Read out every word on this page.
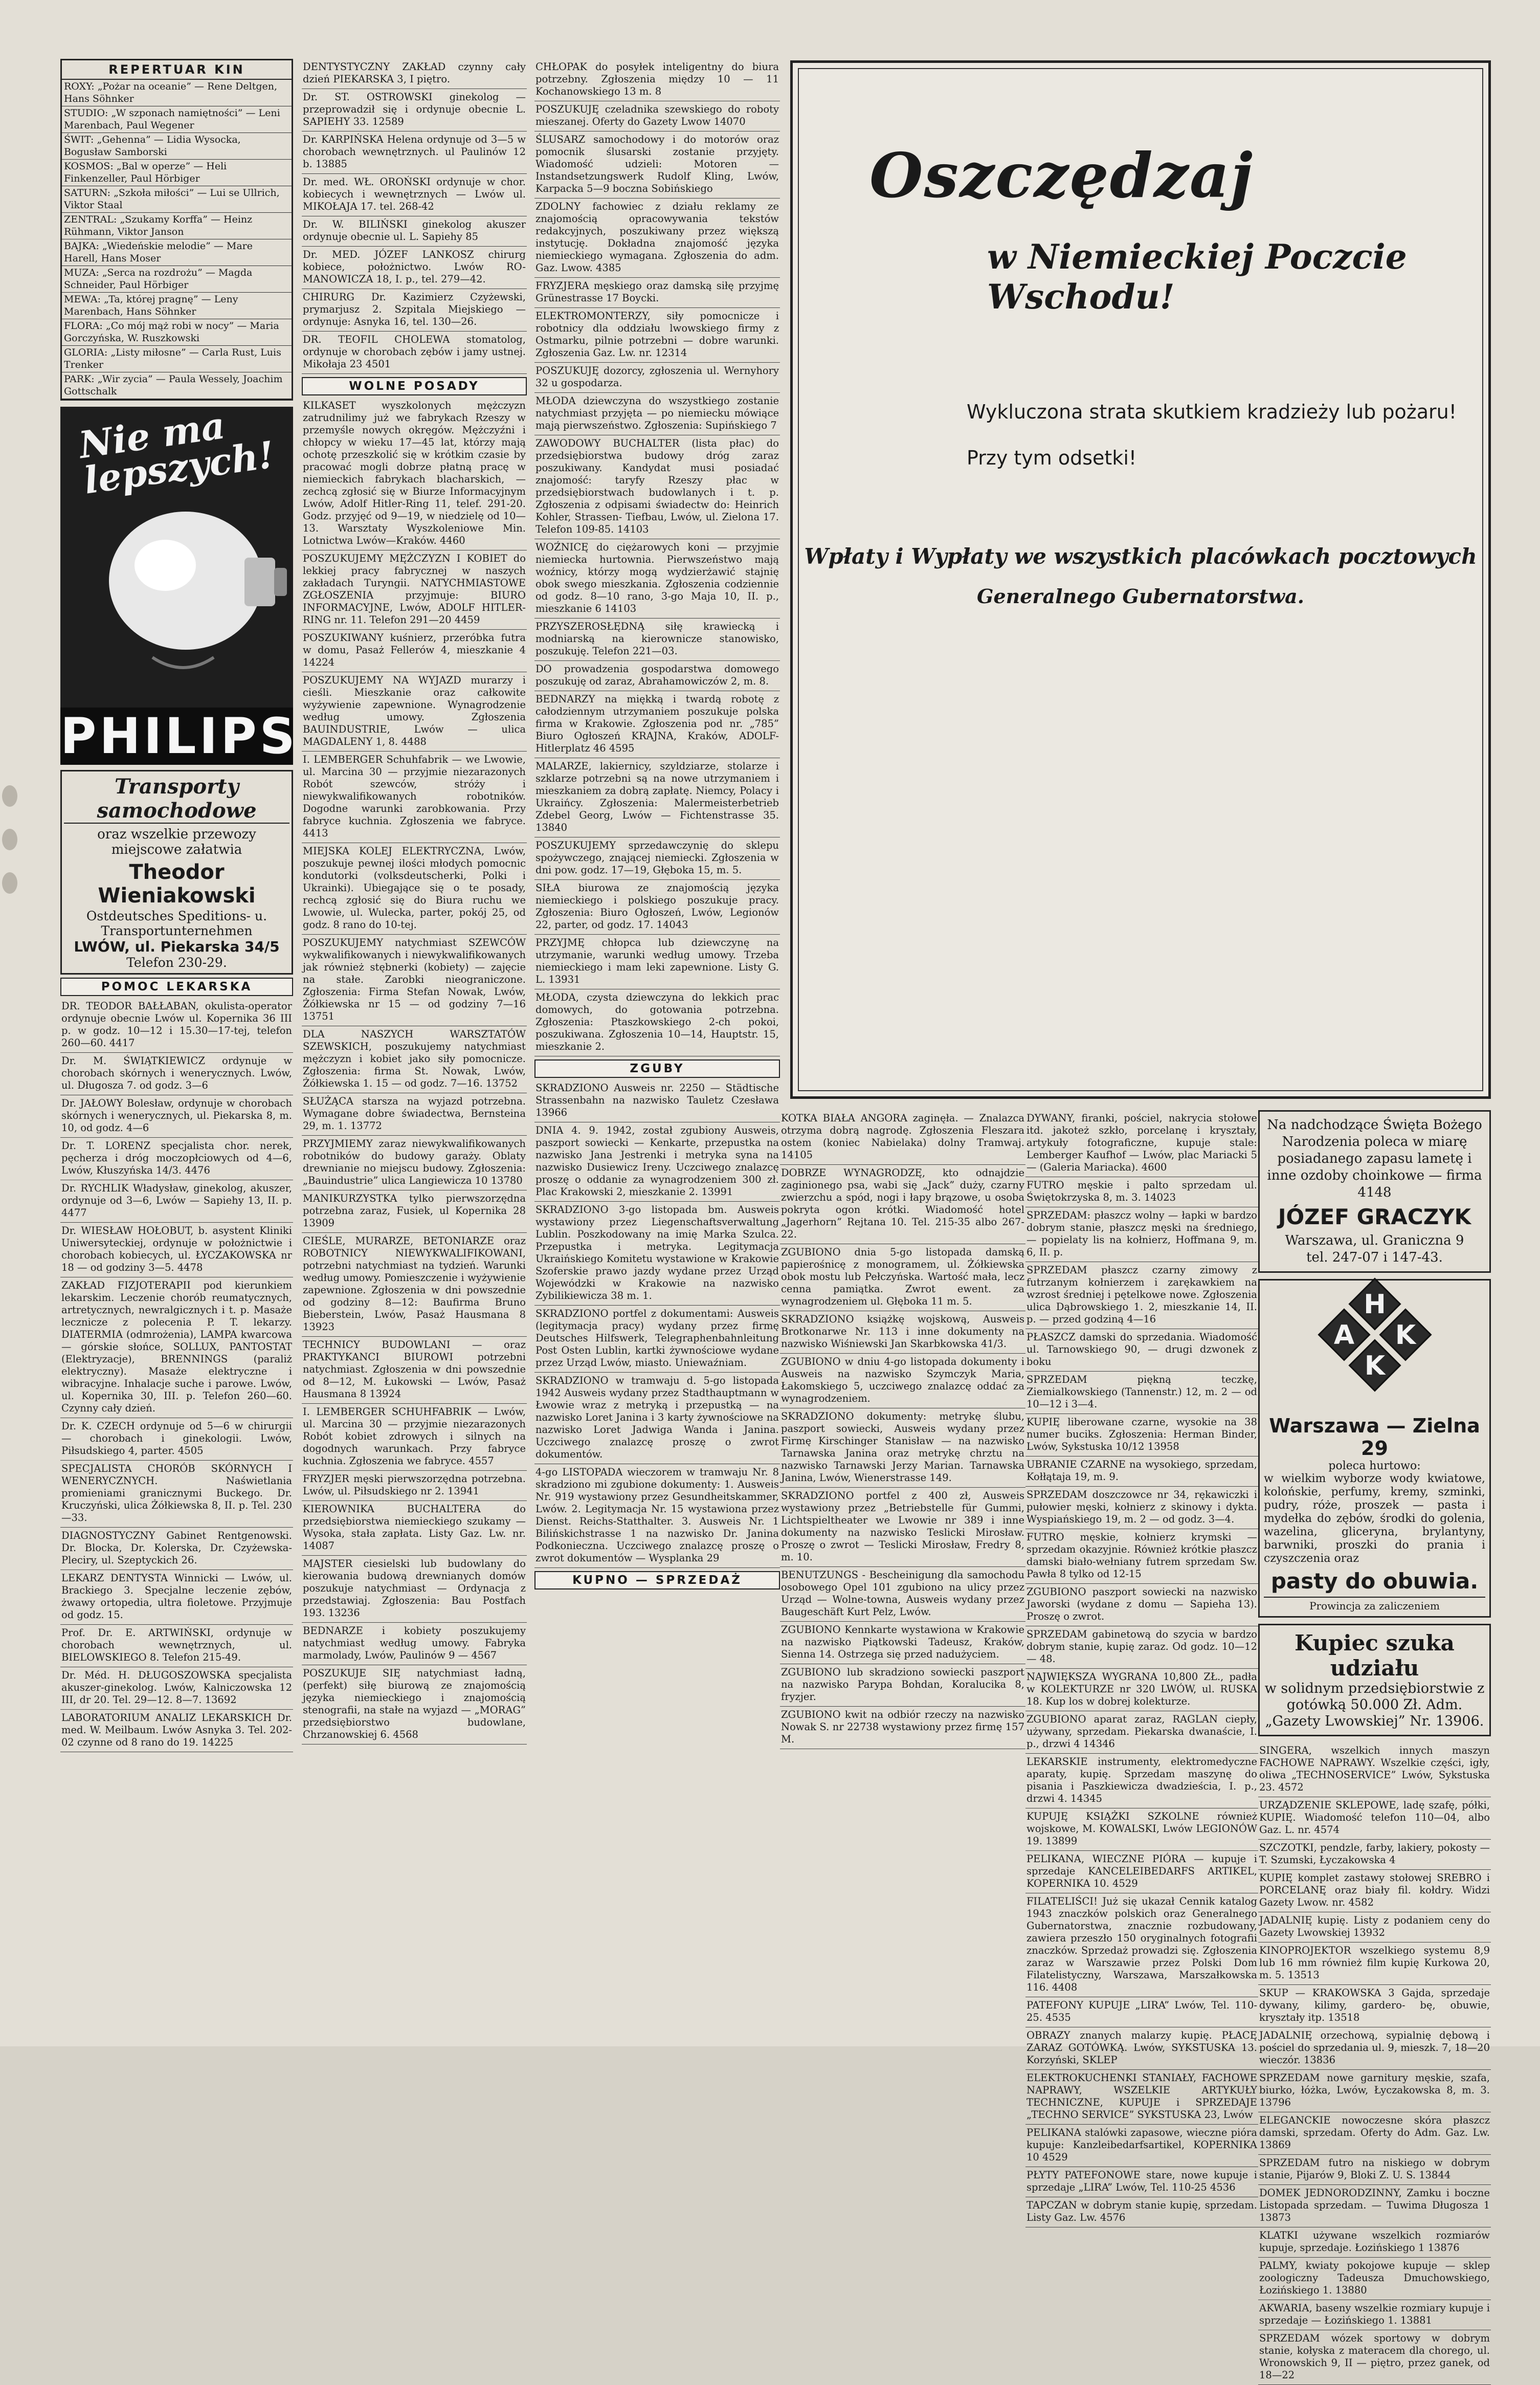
REPERTUAR KIN
ROXY: „Pożar na oceanie” — Rene Deltgen, Hans Söhnker
STUDIO: „W szponach namiętności” — Leni Marenbach, Paul Wegener
ŚWIT: „Gehenna” — Lidia Wysocka, Bogusław Samborski
KOSMOS: „Bal w operze” — Heli Finkenzeller, Paul Hörbiger
SATURN: „Szkoła miłości” — Lui se Ullrich, Viktor Staal
ZENTRAL: „Szukamy Korffa” — Heinz Rühmann, Viktor Janson
BAJKA: „Wiedeńskie melodie” — Mare Harell, Hans Moser
MUZA: „Serca na rozdrożu” — Magda Schneider, Paul Hörbiger
MEWA: „Ta, której pragnę” — Leny Marenbach, Hans Söhnker
FLORA: „Co mój mąż robi w nocy” — Maria Gorczyńska, W. Ruszkowski
GLORIA: „Listy miłosne” — Carla Rust, Luis Trenker
PARK: „Wir zycia” — Paula Wessely, Joachim Gottschalk
Nie ma lepszych!
PHILIPS
Transporty samochodowe
oraz wszelkie przewozy miejscowe załatwia
Theodor Wieniakowski
Ostdeutsches Speditions- u. Transportunternehmen
LWÓW, ul. Piekarska 34/5
Telefon 230-29.
POMOC LEKARSKA
DR. TEODOR BAŁŁABAN, okulista-operator ordynuje obecnie Lwów ul. Kopernika 36 III p. w godz. 10—12 i 15.30—17-tej, telefon 260—60. 4417
Dr. M. ŚWIĄTKIEWICZ ordynuje w chorobach skórnych i wenerycznych. Lwów, ul. Długosza 7. od godz. 3—6
Dr. JAŁOWY Bolesław, ordynuje w chorobach skórnych i wenerycznych, ul. Piekarska 8, m. 10, od godz. 4—6
Dr. T. LORENZ specjalista chor. nerek, pęcherza i dróg moczopłciowych od 4—6, Lwów, Kłuszyńska 14/3. 4476
Dr. RYCHLIK Władysław, ginekolog, akuszer, ordynuje od 3—6, Lwów — Sapiehy 13, II. p. 4477
Dr. WIESŁAW HOŁOBUT, b. asystent Kliniki Uniwersyteckiej, ordynuje w położnictwie i chorobach kobiecych, ul. ŁYCZAKOWSKA nr 18 — od godziny 3—5. 4478
ZAKŁAD FIZJOTERAPII pod kierunkiem lekarskim. Leczenie chorób reumatycznych, artretycznych, newralgicznych i t. p. Masaże lecznicze z polecenia P. T. lekarzy. DIATERMIA (odmrożenia), LAMPA kwarcowa — górskie słońce, SOLLUX, PANTOSTAT (Elektryzacje), BRENNINGS (paraliż elektryczny). Masaże elektryczne i wibracyjne. Inhalacje suche i parowe. Lwów, ul. Kopernika 30, III. p. Telefon 260—60. Czynny cały dzień.
Dr. K. CZECH ordynuje od 5—6 w chirurgii — chorobach i ginekologii. Lwów, Piłsudskiego 4, parter. 4505
SPECJALISTA CHORÓB SKÓRNYCH I WENERYCZNYCH. Naświetlania promieniami granicznymi Buckego. Dr. Kruczyński, ulica Żółkiewska 8, II. p. Tel. 230—33.
DIAGNOSTYCZNY Gabinet Rentgenowski. Dr. Blocka, Dr. Kolerska, Dr. Czyżewska-Pleciry, ul. Szeptyckich 26.
LEKARZ DENTYSTA Winnicki — Lwów, ul. Brackiego 3. Specjalne leczenie zębów, żwawy ortopedia, ultra fioletowe. Przyjmuje od godz. 15.
Prof. Dr. E. ARTWIŃSKI, ordynuje w chorobach wewnętrznych, ul. BIELOWSKIEGO 8. Telefon 215-49.
Dr. Méd. H. DŁUGOSZOWSKA specjalista akuszer-ginekolog. Lwów, Kalniczowska 12 III, dr 20. Tel. 29—12. 8—7. 13692
LABORATORIUM ANALIZ LEKARSKICH Dr. med. W. Meilbaum. Lwów Asnyka 3. Tel. 202-02 czynne od 8 rano do 19. 14225
DENTYSTYCZNY ZAKŁAD czynny cały dzień PIEKARSKA 3, I piętro.
Dr. ST. OSTROWSKI ginekolog — przeprowadził się i ordynuje obecnie L. SAPIEHY 33. 12589
Dr. KARPIŃSKA Helena ordynuje od 3—5 w chorobach wewnętrznych. ul Paulinów 12 b. 13885
Dr. med. WŁ. OROŃSKI ordynuje w chor. kobiecych i wewnętrznych — Lwów ul. MIKOŁAJA 17. tel. 268-42
Dr. W. BILIŃSKI ginekolog akuszer ordynuje obecnie ul. L. Sapiehy 85
Dr. MED. JÓZEF LANKOSZ chirurg kobiece, położnictwo. Lwów RO-MANOWICZA 18, I. p., tel. 279—42.
CHIRURG Dr. Kazimierz Czyżewski, prymarjusz 2. Szpitala Miejskiego — ordynuje: Asnyka 16, tel. 130—26.
DR. TEOFIL CHOLEWA stomatolog, ordynuje w chorobach zębów i jamy ustnej. Mikołaja 23 4501
WOLNE POSADY
KILKASET wyszkolonych mężczyzn zatrudnilimy już we fabrykach Rzeszy w przemyśle nowych okręgów. Mężczyźni i chłopcy w wieku 17—45 lat, którzy mają ochotę przeszkolić się w krótkim czasie by pracować mogli dobrze płatną pracę w niemieckich fabrykach blacharskich, — zechcą zgłosić się w Biurze Informacyjnym Lwów, Adolf Hitler-Ring 11, telef. 291-20. Godz. przyjęć od 9—19, w niedzielę od 10—13. Warsztaty Wyszkoleniowe Min. Lotnictwa Lwów—Kraków. 4460
POSZUKUJEMY MĘŻCZYZN I KOBIET do lekkiej pracy fabrycznej w naszych zakładach Turyngii. NATYCHMIASTOWE ZGŁOSZENIA przyjmuje: BIURO INFORMACYJNE, Lwów, ADOLF HITLER-RING nr. 11. Telefon 291—20 4459
POSZUKIWANY kuśnierz, przeróbka futra w domu, Pasaż Fellerów 4, mieszkanie 4 14224
POSZUKUJEMY NA WYJAZD murarzy i cieśli. Mieszkanie oraz całkowite wyżywienie zapewnione. Wynagrodzenie według umowy. Zgłoszenia BAUINDUSTRIE, Lwów — ulica MAGDALENY 1, 8. 4488
I. LEMBERGER Schuhfabrik — we Lwowie, ul. Marcina 30 — przyjmie niezarazonych Robót szewców, stróży i niewykwalifikowanych robotników. Dogodne warunki zarobkowania. Przy fabryce kuchnia. Zgłoszenia we fabryce. 4413
MIEJSKA KOLEJ ELEKTRYCZNA, Lwów, poszukuje pewnej ilości młodych pomocnic kondutorki (volksdeutscherki, Polki i Ukrainki). Ubiegające się o te posady, rechcą zgłosić się do Biura ruchu we Lwowie, ul. Wulecka, parter, pokój 25, od godz. 8 rano do 10-tej.
POSZUKUJEMY natychmiast SZEWCÓW wykwalifikowanych i niewykwalifikowanych jak również stębnerki (kobiety) — zajęcie na stałe. Zarobki nieograniczone. Zgłoszenia: Firma Stefan Nowak, Lwów, Żółkiewska nr 15 — od godziny 7—16 13751
DLA NASZYCH WARSZTATÓW SZEWSKICH, poszukujemy natychmiast mężczyzn i kobiet jako siły pomocnicze. Zgłoszenia: firma St. Nowak, Lwów, Żółkiewska 1. 15 — od godz. 7—16. 13752
SŁUŻĄCA starsza na wyjazd potrzebna. Wymagane dobre świadectwa, Bernsteina 29, m. 1. 13772
PRZYJMIEMY zaraz niewykwalifikowanych robotników do budowy garaży. Oblaty drewnianie no miejscu budowy. Zgłoszenia: „Bauindustrie” ulica Langiewicza 10 13780
MANIKURZYSTKA tylko pierwszorzędna potrzebna zaraz, Fusiek, ul Kopernika 28 13909
CIEŚLE, MURARZE, BETONIARZE oraz ROBOTNICY NIEWYKWALIFIKOWANI, potrzebni natychmiast na tydzień. Warunki według umowy. Pomieszczenie i wyżywienie zapewnione. Zgłoszenia w dni powszednie od godziny 8—12: Baufirma Bruno Bieberstein, Lwów, Pasaż Hausmana 8 13923
TECHNICY BUDOWLANI — oraz PRAKTYKANCI BIUROWI potrzebni natychmiast. Zgłoszenia w dni powszednie od 8—12, M. Łukowski — Lwów, Pasaż Hausmana 8 13924
I. LEMBERGER SCHUHFABRIK — Lwów, ul. Marcina 30 — przyjmie niezarazonych Robót kobiet zdrowych i silnych na dogodnych warunkach. Przy fabryce kuchnia. Zgłoszenia we fabryce. 4557
FRYZJER męski pierwszorzędna potrzebna. Lwów, ul. Piłsudskiego nr 2. 13941
KIEROWNIKA BUCHALTERA do przedsiębiorstwa niemieckiego szukamy — Wysoka, stała zapłata. Listy Gaz. Lw. nr. 14087
MAJSTER ciesielski lub budowlany do kierowania budową drewnianych domów poszukuje natychmiast — Ordynacja z przedstawiaj. Zgłoszenia: Bau Postfach 193. 13236
BEDNARZE i kobiety poszukujemy natychmiast według umowy. Fabryka marmolady, Lwów, Paulinów 9 — 4567
POSZUKUJE SIĘ natychmiast ładną, (perfekt) siłę biurową ze znajomością języka niemieckiego i znajomością stenografii, na stałe na wyjazd — „MORAG” przedsiębiorstwo budowlane, Chrzanowskiej 6. 4568
CHŁOPAK do posyłek inteligentny do biura potrzebny. Zgłoszenia między 10 — 11 Kochanowskiego 13 m. 8
POSZUKUJĘ czeladnika szewskiego do roboty mieszanej. Oferty do Gazety Lwow 14070
ŚLUSARZ samochodowy i do motorów oraz pomocnik ślusarski zostanie przyjęty. Wiadomość udzieli: Motoren — Instandsetzungswerk Rudolf Kling, Lwów, Karpacka 5—9 boczna Sobińskiego
ZDOLNY fachowiec z działu reklamy ze znajomością opracowywania tekstów redakcyjnych, poszukiwany przez większą instytucję. Dokładna znajomość języka niemieckiego wymagana. Zgłoszenia do adm. Gaz. Lwow. 4385
FRYZJERA męskiego oraz damską siłę przyjmę Grünestrasse 17 Boycki.
ELEKTROMONTERZY, siły pomocnicze i robotnicy dla oddziału lwowskiego firmy z Ostmarku, pilnie potrzebni — dobre warunki. Zgłoszenia Gaz. Lw. nr. 12314
POSZUKUJĘ dozorcy, zgłoszenia ul. Wernyhory 32 u gospodarza.
MŁODA dziewczyna do wszystkiego zostanie natychmiast przyjęta — po niemiecku mówiące mają pierwszeństwo. Zgłoszenia: Supińskiego 7
ZAWODOWY BUCHALTER (lista płac) do przedsiębiorstwa budowy dróg zaraz poszukiwany. Kandydat musi posiadać znajomość: taryfy Rzeszy płac w przedsiębiorstwach budowlanych i t. p. Zgłoszenia z odpisami świadectw do: Heinrich Kohler, Strassen- Tiefbau, Lwów, ul. Zielona 17. Telefon 109-85. 14103
WOŹNICĘ do ciężarowych koni — przyjmie niemiecka hurtownia. Pierwszeństwo mają woźnicy, którzy mogą wydzierżawić stajnię obok swego mieszkania. Zgłoszenia codziennie od godz. 8—10 rano, 3-go Maja 10, II. p., mieszkanie 6 14103
PRZYSZEROSŁĘDNĄ siłę krawiecką i modniarską na kierownicze stanowisko, poszukuję. Telefon 221—03.
DO prowadzenia gospodarstwa domowego poszukuję od zaraz, Abrahamowiczów 2, m. 8.
BEDNARZY na miękką i twardą robotę z całodziennym utrzymaniem poszukuje polska firma w Krakowie. Zgłoszenia pod nr. „785” Biuro Ogłoszeń KRAJNA, Kraków, ADOLF-Hitlerplatz 46 4595
MALARZE, lakiernicy, szyldziarze, stolarze i szklarze potrzebni są na nowe utrzymaniem i mieszkaniem za dobrą zapłatę. Niemcy, Polacy i Ukraińcy. Zgłoszenia: Malermeisterbetrieb Zdebel Georg, Lwów — Fichtenstrasse 35. 13840
POSZUKUJEMY sprzedawczynię do sklepu spożywczego, znającej niemiecki. Zgłoszenia w dni pow. godz. 17—19, Głęboka 15, m. 5.
SIŁA biurowa ze znajomością języka niemieckiego i polskiego poszukuje pracy. Zgłoszenia: Biuro Ogłoszeń, Lwów, Legionów 22, parter, od godz. 17. 14043
PRZYJMĘ chłopca lub dziewczynę na utrzymanie, warunki według umowy. Trzeba niemieckiego i mam leki zapewnione. Listy G. L. 13931
MŁODA, czysta dziewczyna do lekkich prac domowych, do gotowania potrzebna. Zgłoszenia: Ptaszkowskiego 2-ch pokoi, poszukiwana. Zgłoszenia 10—14, Hauptstr. 15, mieszkanie 2.
ZGUBY
SKRADZIONO Ausweis nr. 2250 — Städtische Strassenbahn na nazwisko Tauletz Czesława 13966
DNIA 4. 9. 1942, został zgubiony Ausweis, paszport sowiecki — Kenkarte, przepustka na nazwisko Jana Jestrenki i metryka syna na nazwisko Dusiewicz Ireny. Uczciwego znalazcę proszę o oddanie za wynagrodzeniem 300 zł. Plac Krakowski 2, mieszkanie 2. 13991
SKRADZIONO 3-go listopada bm. Ausweis wystawiony przez Liegenschaftsverwaltung Lublin. Poszkodowany na imię Marka Szulca. Przepustka i metryka. Legitymacja Ukraińskiego Komitetu wystawione w Krakowie Szoferskie prawo jazdy wydane przez Urząd Wojewódzki w Krakowie na nazwisko Zybilikiewicza 38 m. 1.
SKRADZIONO portfel z dokumentami: Ausweis (legitymacja pracy) wydany przez firmę Deutsches Hilfswerk, Telegraphenbahnleitung Post Osten Lublin, kartki żywnościowe wydane przez Urząd Lwów, miasto. Uniewaźniam.
SKRADZIONO w tramwaju d. 5-go listopada 1942 Ausweis wydany przez Stadthauptmann w Łwowie wraz z metryką i przepustką — na nazwisko Loret Janina i 3 karty żywnościowe na nazwisko Loret Jadwiga Wanda i Janina. Uczciwego znalazcę proszę o zwrot dokumentów.
4-go LISTOPADA wieczorem w tramwaju Nr. 8 skradziono mi zgubione dokumenty: 1. Ausweis Nr. 919 wystawiony przez Gesundheitskammer, Lwów. 2. Legitymacja Nr. 15 wystawiona przez Dienst. Reichs-Statthalter. 3. Ausweis Nr. 1 Bilińskichstrasse 1 na nazwisko Dr. Janina Podkonieczna. Uczciwego znalazcę proszę o zwrot dokumentów — Wysplanka 29
KUPNO — SPRZEDAŻ
Oszczędzaj
w Niemieckiej Poczcie Wschodu!
Wykluczona strata skutkiem kradzieży lub pożaru!
Przy tym odsetki!
Wpłaty i Wypłaty we wszystkich placówkach pocztowych
Generalnego Gubernatorstwa.
KOTKA BIAŁA ANGORA zaginęła. — Znalazca otrzyma dobrą nagrodę. Zgłoszenia Fleszara ostem (koniec Nabielaka) dolny Tramwaj. 14105
DOBRZE WYNAGRODZĘ, kto odnajdzie zaginionego psa, wabi się „Jack” duży, czarny zwierzchu a spód, nogi i łapy brązowe, u osoba pokryta ogon krótki. Wiadomość hotel „Jagerhorn” Rejtana 10. Tel. 215-35 albo 267-22.
ZGUBIONO dnia 5-go listopada damską papierośnicę z monogramem, ul. Żółkiewska obok mostu lub Pełczyńska. Wartość mała, lecz cenna pamiątka. Zwrot ewent. za wynagrodzeniem ul. Głęboka 11 m. 5.
SKRADZIONO książkę wojskową, Ausweis Brotkonarwe Nr. 113 i inne dokumenty na nazwisko Wiśniewski Jan Skarbkowska 41/3.
ZGUBIONO w dniu 4-go listopada dokumenty i Ausweis na nazwisko Szymczyk Maria, Łakomskiego 5, uczciwego znalazcę oddać za wynagrodzeniem.
SKRADZIONO dokumenty: metrykę ślubu, paszport sowiecki, Ausweis wydany przez Firmę Kirschinger Stanisław — na nazwisko Tarnawska Janina oraz metrykę chrztu na nazwisko Tarnawski Jerzy Marian. Tarnawska Janina, Lwów, Wienerstrasse 149.
SKRADZIONO portfel z 400 zł, Ausweis wystawiony przez „Betriebstelle für Gummi, Lichtspieltheater we Lwowie nr 389 i inne dokumenty na nazwisko Teslicki Mirosław. Proszę o zwrot — Teslicki Mirosław, Fredry 8, m. 10.
BENUTZUNGS - Bescheinigung dla samochodu osobowego Opel 101 zgubiono na ulicy przez Urząd — Wolne-towna, Ausweis wydany przez Baugeschäft Kurt Pelz, Lwów.
ZGUBIONO Kennkarte wystawiona w Krakowie na nazwisko Piątkowski Tadeusz, Kraków, Sienna 14. Ostrzega się przed nadużyciem.
ZGUBIONO lub skradziono sowiecki paszport na nazwisko Parypa Bohdan, Koralucika 8, fryzjer.
ZGUBIONO kwit na odbiór rzeczy na nazwisko Nowak S. nr 22738 wystawiony przez firmę 157 M.
DYWANY, firanki, pościel, nakrycia stołowe itd. jakoteż szkło, porcelanę i kryształy, artykuły fotograficzne, kupuje stale: Lemberger Kaufhof — Lwów, plac Mariacki 5 — (Galeria Mariacka). 4600
FUTRO męskie i palto sprzedam ul. Świętokrzyska 8, m. 3. 14023
SPRZEDAM: płaszcz wolny — łapki w bardzo dobrym stanie, płaszcz męski na średniego, — popielaty lis na kołnierz, Hoffmana 9, m. 6, II. p.
SPRZEDAM płaszcz czarny zimowy z futrzanym kołnierzem i zarękawkiem na wzrost średniej i pętelkowe nowe. Zgłoszenia ulica Dąbrowskiego 1. 2, mieszkanie 14, II. p. — przed godziną 4—16
PŁASZCZ damski do sprzedania. Wiadomość ul. Tarnowskiego 90, — drugi dzwonek z boku
SPRZEDAM piękną teczkę, Ziemialkowskiego (Tannenstr.) 12, m. 2 — od 10—12 i 3—4.
KUPIĘ liberowane czarne, wysokie na 38 numer buciks. Zgłoszenia: Herman Binder, Lwów, Sykstuska 10/12 13958
UBRANIE CZARNE na wysokiego, sprzedam, Kołłątaja 19, m. 9.
SPRZEDAM doszczowce nr 34, rękawiczki i pułowier męski, kołnierz z skinowy i dykta. Wyspiańskiego 19, m. 2 — od godz. 3—4.
FUTRO męskie, kołnierz krymski — sprzedam okazyjnie. Również krótkie płaszcz damski biało-wełniany futrem sprzedam Sw. Pawła 8 tylko od 12-15
ZGUBIONO paszport sowiecki na nazwisko Jaworski (wydane z domu — Sapieha 13). Proszę o zwrot.
SPRZEDAM gabinetową do szycia w bardzo dobrym stanie, kupię zaraz. Od godz. 10—12 — 48.
NAJWIĘKSZA WYGRANA 10,800 ZŁ., padła w KOLEKTURZE nr 320 LWÓW, ul. RUSKA 18. Kup los w dobrej kolekturze.
ZGUBIONO aparat zaraz, RAGLAN ciepły, używany, sprzedam. Piekarska dwanaście, I. p., drzwi 4 14346
LEKARSKIE instrumenty, elektromedyczne aparaty, kupię. Sprzedam maszynę do pisania i Paszkiewicza dwadzieścia, I. p., drzwi 4. 14345
KUPUJĘ KSIĄŻKI SZKOLNE również wojskowe, M. KOWALSKI, Lwów LEGIONÓW 19. 13899
PELIKANA, WIECZNE PIÓRA — kupuje i sprzedaje KANCELEIBEDARFS ARTIKEL, KOPERNIKA 10. 4529
FILATELIŚCI! Już się ukazał Cennik katalog 1943 znaczków polskich oraz Generalnego Gubernatorstwa, znacznie rozbudowany, zawiera przeszło 150 oryginalnych fotografii znaczków. Sprzedaż prowadzi się. Zgłoszenia zaraz w Warszawie przez Polski Dom Filatelistyczny, Warszawa, Marszałkowska 116. 4408
PATEFONY KUPUJE „LIRA” Lwów, Tel. 110-25. 4535
OBRAZY znanych malarzy kupię. PŁACĘ ZARAZ GOTÓWKĄ. Lwów, SYKSTUSKA 13. Korzyński, SKLEP
ELEKTROKUCHENKI STANIAŁY, FACHOWE NAPRAWY, WSZELKIE ARTYKUŁY TECHNICZNE, KUPUJE i SPRZEDAJE „TECHNO SERVICE” SYKSTUSKA 23, Lwów
PELIKANA stalówki zapasowe, wieczne pióra kupuje: Kanzleibedarfsartikel, KOPERNIKA 10 4529
PŁYTY PATEFONOWE stare, nowe kupuje i sprzedaje „LIRA” Lwów, Tel. 110-25 4536
TAPCZAN w dobrym stanie kupię, sprzedam. Listy Gaz. Lw. 4576
Na nadchodzące Święta Bożego Narodzenia poleca w miarę posiadanego zapasu lametę i inne ozdoby choinkowe — firma 4148
JÓZEF GRACZYK
Warszawa, ul. Graniczna 9
tel. 247-07 i 147-43.
H
A K
K
Warszawa — Zielna 29
poleca hurtowo:
w wielkim wyborze wody kwiatowe, kolońskie, perfumy, kremy, szminki, pudry, róże, proszek — pasta i mydełka do zębów, środki do golenia, wazelina, gliceryna, brylantyny, barwniki, proszki do prania i czyszczenia oraz
pasty do obuwia.
Prowincja za zaliczeniem
Kupiec szuka udziału
w solidnym przedsiębiorstwie z gotówką 50.000 Zł. Adm. „Gazety Lwowskiej” Nr. 13906.
SINGERA, wszelkich innych maszyn FACHOWE NAPRAWY. Wszelkie części, igły, oliwa „TECHNOSERVICE” Lwów, Sykstuska 23. 4572
URZĄDZENIE SKLEPOWE, ladę szafę, półki, KUPIĘ. Wiadomość telefon 110—04, albo Gaz. L. nr. 4574
SZCZOTKI, pendzle, farby, lakiery, pokosty — T. Szumski, Łyczakowska 4
KUPIĘ komplet zastawy stołowej SREBRO i PORCELANĘ oraz biały fil. kołdry. Widzi Gazety Lwow. nr. 4582
JADALNIĘ kupię. Listy z podaniem ceny do Gazety Lwowskiej 13932
KINOPROJEKTOR wszelkiego systemu 8,9 lub 16 mm również film kupię Kurkowa 20, m. 5. 13513
SKUP — KRAKOWSKA 3 Gajda, sprzedaje dywany, kilimy, gardero- bę, obuwie, kryształy itp. 13518
JADALNIĘ orzechową, sypialnię dębową i pościel do sprzedania ul. 9, mieszk. 7, 18—20 wieczór. 13836
SPRZEDAM nowe garnitury męskie, szafa, biurko, łóżka, Lwów, Łyczakowska 8, m. 3. 13796
ELEGANCKIE nowoczesne skóra płaszcz damski, sprzedam. Oferty do Adm. Gaz. Lw. 13869
SPRZEDAM futro na niskiego w dobrym stanie, Pijarów 9, Bloki Z. U. S. 13844
DOMEK JEDNORODZINNY, Zamku i boczne Listopada sprzedam. — Tuwima Długosza 1 13873
KLATKI używane wszelkich rozmiarów kupuje, sprzedaje. Łozińskiego 1 13876
PALMY, kwiaty pokojowe kupuje — sklep zoologiczny Tadeusza Dmuchowskiego, Łozińskiego 1. 13880
AKWARIA, baseny wszelkie rozmiary kupuje i sprzedaje — Łozińskiego 1. 13881
SPRZEDAM wózek sportowy w dobrym stanie, kołyska z materacem dla chorego, ul. Wronowskich 9, II — piętro, przez ganek, od 18—22
